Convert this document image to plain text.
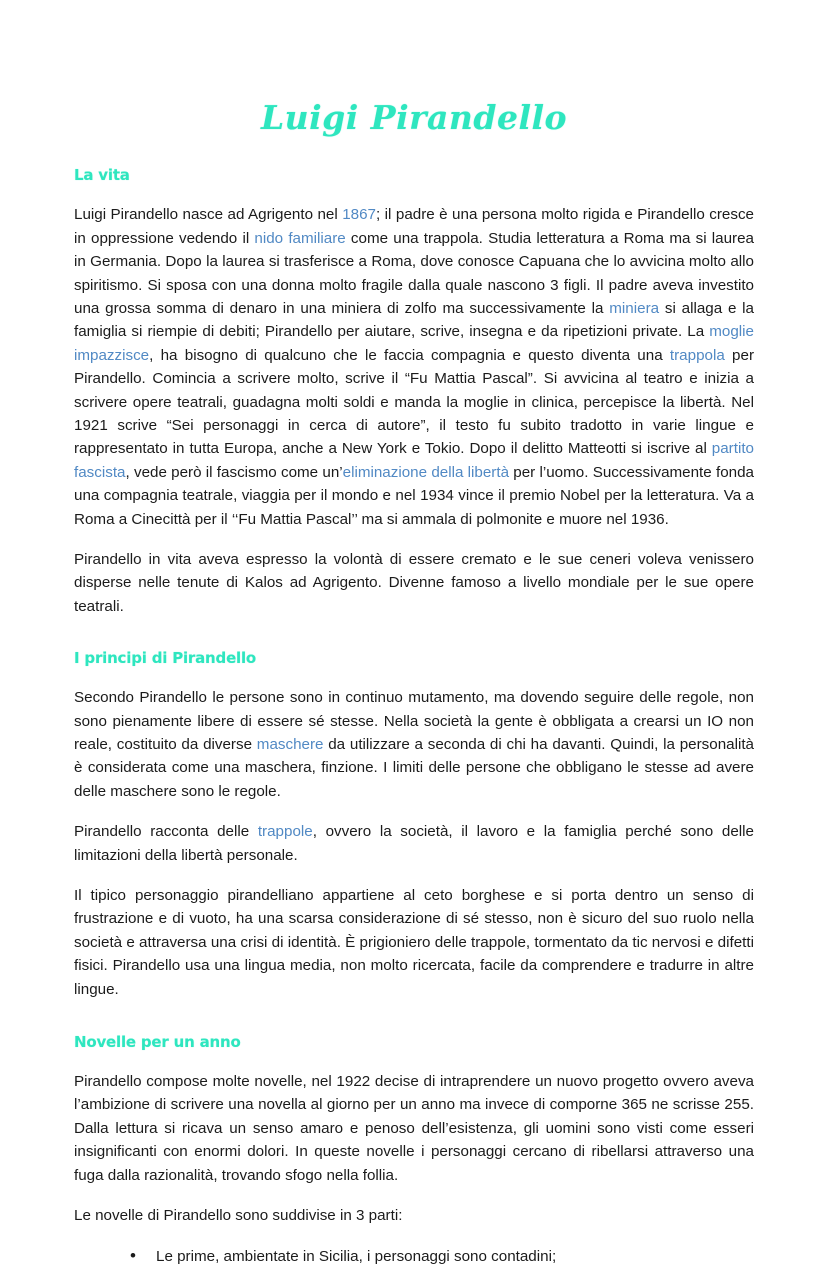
Luigi Pirandello
La vita

Luigi Pirandello nasce ad Agrigento nel 1867; il padre è una persona molto rigida e Pirandello cresce in oppressione vedendo il nido familiare come una trappola. Studia letteratura a Roma ma si laurea in Germania. Dopo la laurea si trasferisce a Roma, dove conosce Capuana che lo avvicina molto allo spiritismo. Si sposa con una donna molto fragile dalla quale nascono 3 figli. Il padre aveva investito una grossa somma di denaro in una miniera di zolfo ma successivamente la miniera si allaga e la famiglia si riempie di debiti; Pirandello per aiutare, scrive, insegna e da ripetizioni private. La moglie impazzisce, ha bisogno di qualcuno che le faccia compagnia e questo diventa una trappola per Pirandello. Comincia a scrivere molto, scrive il “Fu Mattia Pascal”. Si avvicina al teatro e inizia a scrivere opere teatrali, guadagna molti soldi e manda la moglie in clinica, percepisce la libertà. Nel 1921 scrive “Sei personaggi in cerca di autore”, il testo fu subito tradotto in varie lingue e rappresentato in tutta Europa, anche a New York e Tokio. Dopo il delitto Matteotti si iscrive al partito fascista, vede però il fascismo come un’eliminazione della libertà per l’uomo. Successivamente fonda una compagnia teatrale, viaggia per il mondo e nel 1934 vince il premio Nobel per la letteratura. Va a Roma a Cinecittà per il ‘‘Fu Mattia Pascal’’ ma si ammala di polmonite e muore nel 1936.

Pirandello in vita aveva espresso la volontà di essere cremato e le sue ceneri voleva venissero disperse nelle tenute di Kalos ad Agrigento. Divenne famoso a livello mondiale per le sue opere teatrali.

I principi di Pirandello

Secondo Pirandello le persone sono in continuo mutamento, ma dovendo seguire delle regole, non sono pienamente libere di essere sé stesse. Nella società la gente è obbligata a crearsi un IO non reale, costituito da diverse maschere da utilizzare a seconda di chi ha davanti. Quindi, la personalità è considerata come una maschera, finzione. I limiti delle persone che obbligano le stesse ad avere delle maschere sono le regole.

Pirandello racconta delle trappole, ovvero la società, il lavoro e la famiglia perché sono delle limitazioni della libertà personale.

Il tipico personaggio pirandelliano appartiene al ceto borghese e si porta dentro un senso di frustrazione e di vuoto, ha una scarsa considerazione di sé stesso, non è sicuro del suo ruolo nella società e attraversa una crisi di identità. È prigioniero delle trappole, tormentato da tic nervosi e difetti fisici. Pirandello usa una lingua media, non molto ricercata, facile da comprendere e tradurre in altre lingue.

Novelle per un anno

Pirandello compose molte novelle, nel 1922 decise di intraprendere un nuovo progetto ovvero aveva l’ambizione di scrivere una novella al giorno per un anno ma invece di comporne 365 ne scrisse 255. Dalla lettura si ricava un senso amaro e penoso dell’esistenza, gli uomini sono visti come esseri insignificanti con enormi dolori. In queste novelle i personaggi cercano di ribellarsi attraverso una fuga dalla razionalità, trovando sfogo nella follia.

Le novelle di Pirandello sono suddivise in 3 parti:

• Le prime, ambientate in Sicilia, i personaggi sono contadini;
